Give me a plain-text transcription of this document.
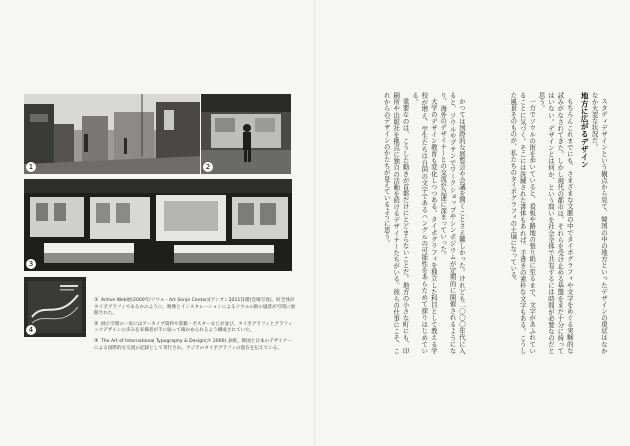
1	2
3
4

① Active Web展(2000年/ソウル・Art Sonje Center)[アンサン2011]1階(会場写真)。町全体がタイポグラフィであるかのように、映像とインスタレーションによるソウルの街の風景が空間に展開された。

② 展示空間の一角にはアーカイブ資料や書籍・ポスターなどが並び、タイポグラフィとグラフィックデザインの歩みを来場者が手に取って確かめられるよう構成されていた。

③ The Art of International Typography & Design(ホ 2006) 表紙。韓国と日本のデザイナーによる国際的な交流の記録として刊行され、アジアのタイポグラフィの現在を伝えている。	スタディデザインという観点から見て、韓国の中の地方といったデザインの現状はなかなか大変な状況だ。

地方に広がるデザイン

もちろんこれまでにも、さまざまな文脈の中でタイポグラフィや文字をめぐる実験的な試みがなされてきた。しかし現代の都市は、それらを受け止める基盤をまだ十分に持ってはいない。デザインとは何か、という問いを社会全体で共有するには時間が必要なのだと思う。

一方でソウルの街を歩いていると、看板や路地の張り紙に至るまで、文字があふれていることに気づく。そこには洗練された書体もあれば、手書きの素朴な文字もある。こうした風景そのものが、私たちのタイポグラフィの土壌になっている。

かつては国際的な展覧会や会議を開くことさえ難しかった。けれども二〇〇〇年代に入ると、ソウルやプサンでワークショップやシンポジウムが定期的に開催されるようになり、海外のデザイナーとの交流が急速に深まっていった。

大学のデザイン教育も変化しつつある。タイポグラフィを独立した科目として教える学校が増え、学生たちは自国の文字であるハングルの可能性をあらためて探りはじめている。

重要なのは、こうした動きが首都だけにとどまらないことだ。地方の小さな町にも、印刷所や出版社を拠点に独自の活動を続けるデザイナーたちがいる。彼らの仕事にこそ、これからのデザインのかたちが見えているように思う。
